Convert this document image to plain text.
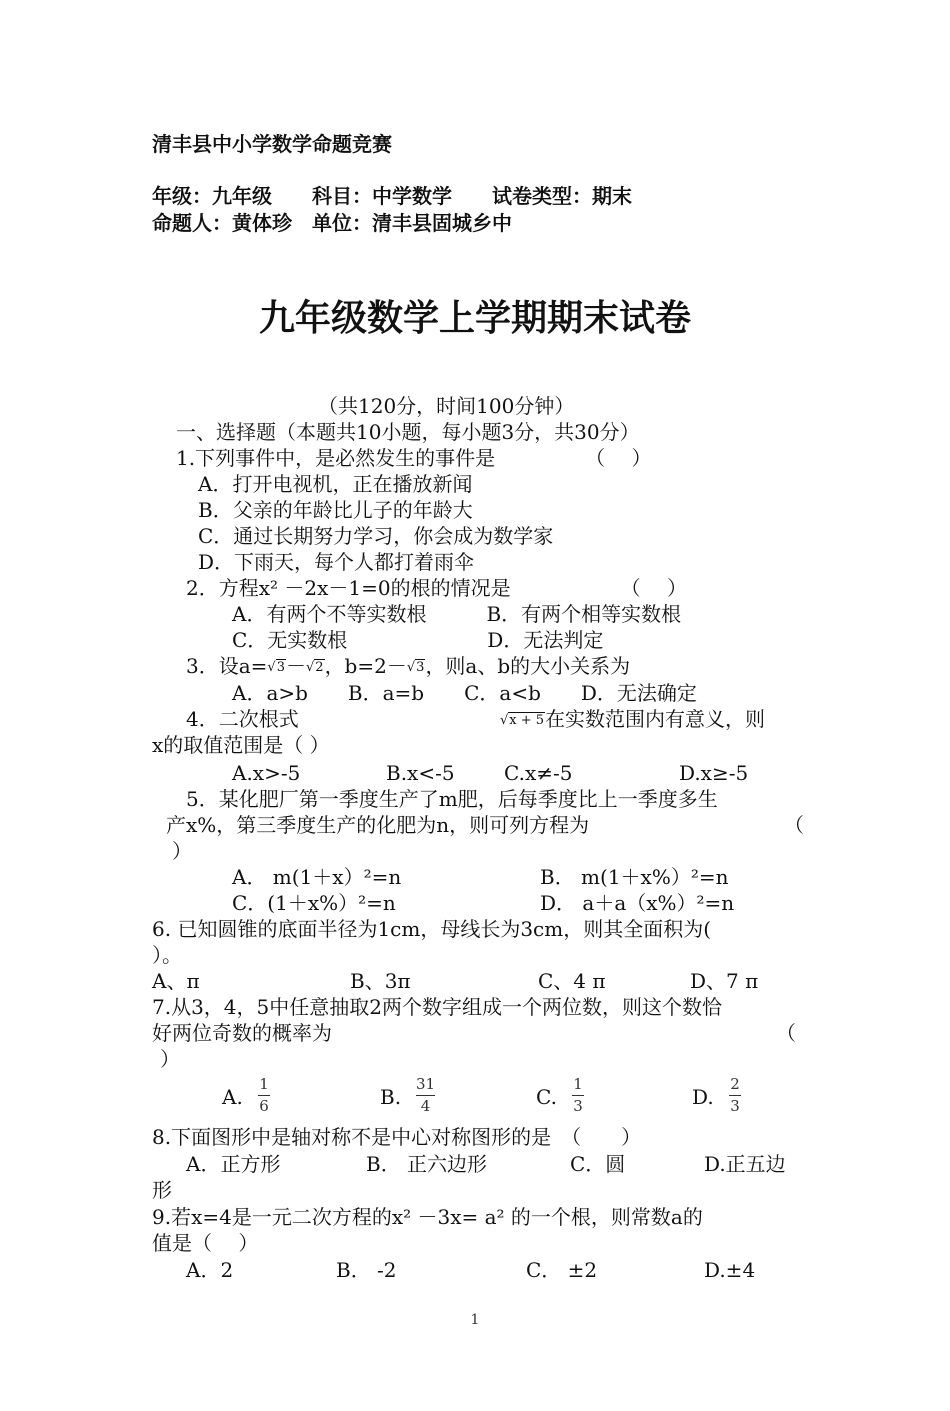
清丰县中小学数学命题竞赛
年级：九年级　　科目：中学数学　　试卷类型：期末
命题人：黄体珍　单位：清丰县固城乡中
九年级数学上学期期末试卷
（共120分，时间100分钟）
一、选择题（本题共10小题，每小题3分，共30分）
1.下列事件中，是必然发生的事件是　　　　　（　 ）
A．打开电视机，正在播放新闻
B．父亲的年龄比儿子的年龄大
C．通过长期努力学习，你会成为数学家
D．下雨天，每个人都打着雨伞
2．方程x² －2x－1=0的根的情况是　　　　　　（　 ）
A．有两个不等实数根　　　B．有两个相等实数根
C．无实数根　　　　　　　D．无法判定
3．设a=√3－√2，b=2－√3，则a、b的大小关系为
A．a>b　　B．a=b　　C．a<b　　D．无法确定
4．二次根式	√x + 5在实数范围内有意义，则
x的取值范围是（ ）
A.x>-5	B.x<-5 C.x≠-5	D.x≥-5
5．某化肥厂第一季度生产了m肥，后每季度比上一季度多生
产x%，第三季度生产的化肥为n，则可列方程为	（
）
A． m(1＋x）²=n	B． m(1＋x%）²=n
C．(1＋x%）²=n	D． a＋a（x%）²=n
6. 已知圆锥的底面半径为1cm，母线长为3cm，则其全面积为(
）。
A、π	B、3π	C、4 π	D、7 π
7.从3，4，5中任意抽取2两个数字组成一个两位数，则这个数恰
好两位奇数的概率为	（
）
A.
1
6	B.
31
4	C.
1
3	D.
2
3
8.下面图形中是轴对称不是中心对称图形的是　（　　）
A．正方形	B． 正六边形	C．圆	D.正五边
形
9.若x=4是一元二次方程的x² －3x= a² 的一个根，则常数a的
值是（　 ）
A．2	B． -2	C． ±2	D.±4
1
